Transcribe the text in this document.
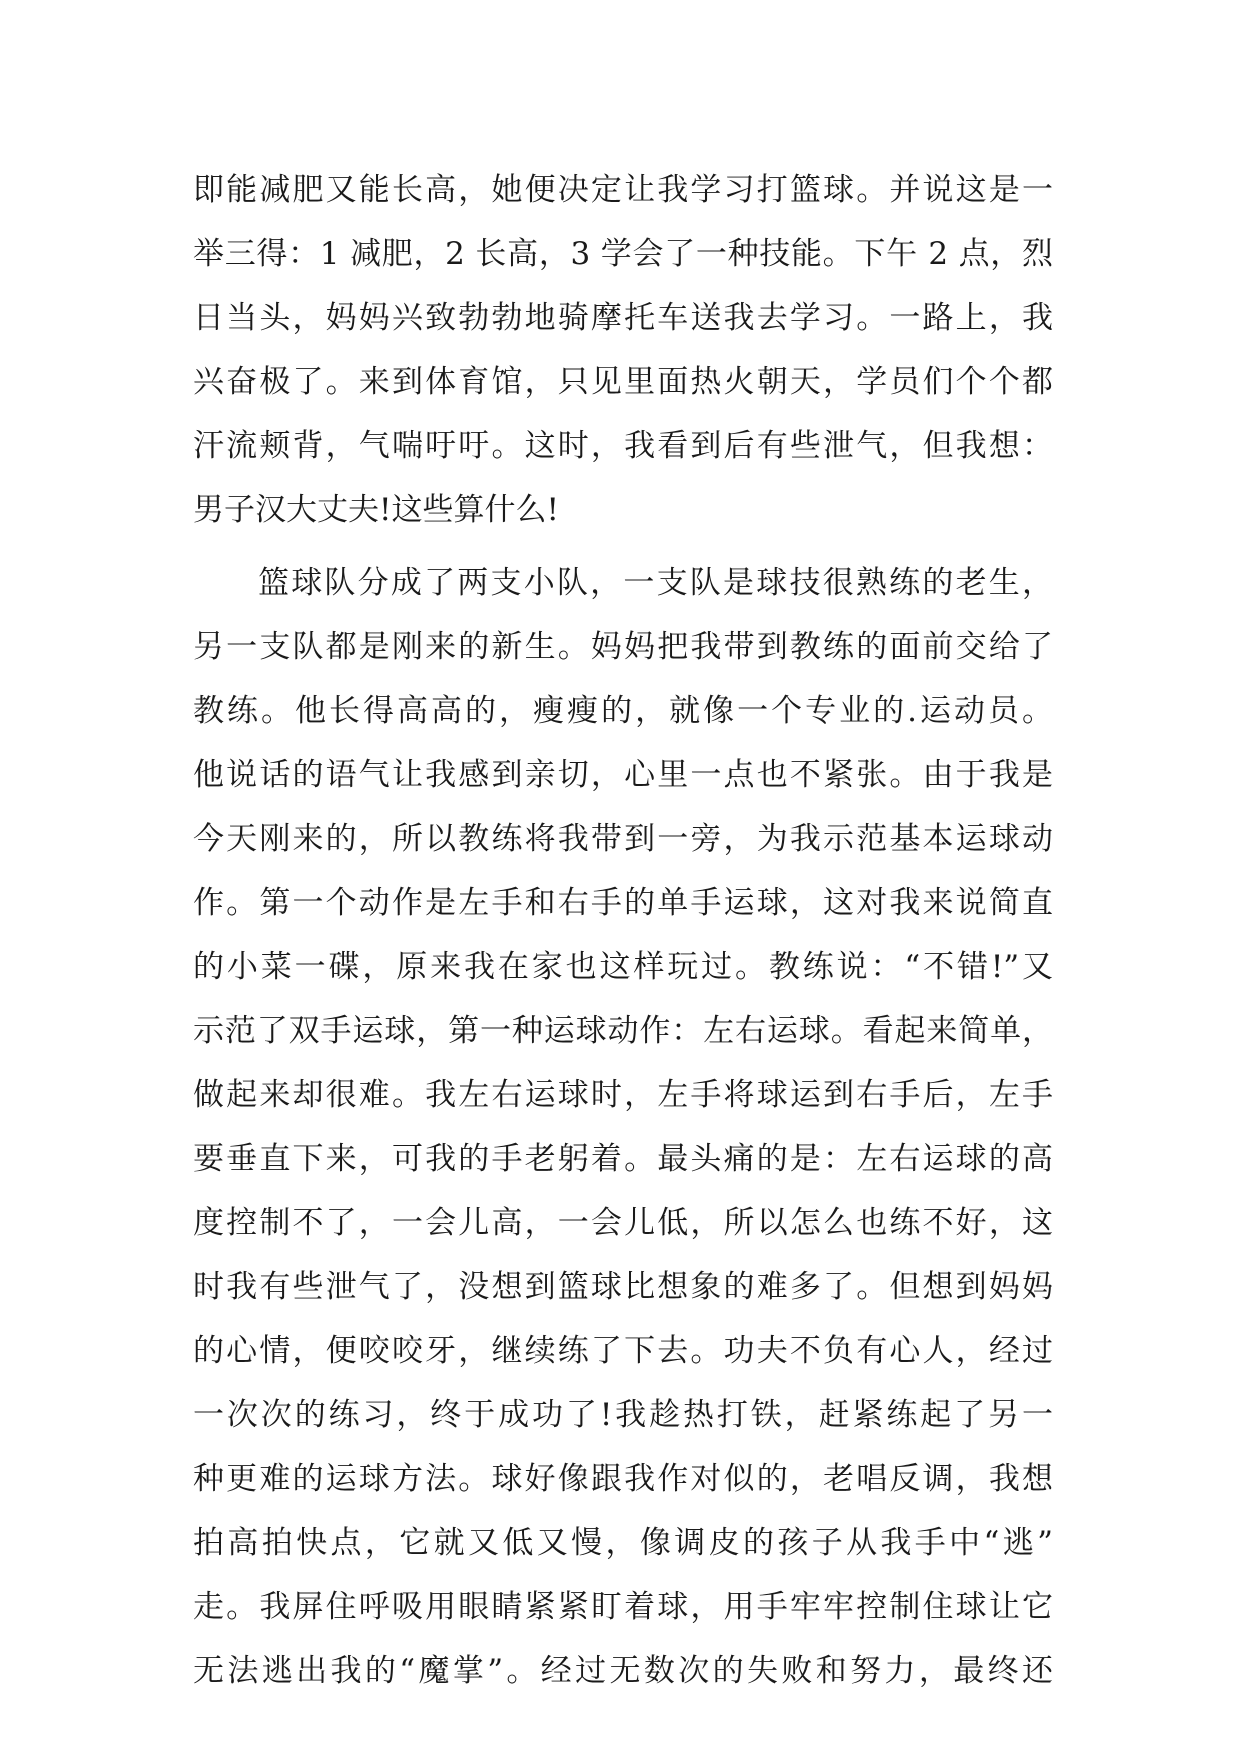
即能减肥又能长高，她便决定让我学习打篮球。并说这是一
举三得：1 减肥，2 长高，3 学会了一种技能。下午 2 点，烈
日当头，妈妈兴致勃勃地骑摩托车送我去学习。一路上，我
兴奋极了。来到体育馆，只见里面热火朝天，学员们个个都
汗流颊背，气喘吁吁。这时，我看到后有些泄气，但我想：
男子汉大丈夫!这些算什么!
篮球队分成了两支小队，一支队是球技很熟练的老生，
另一支队都是刚来的新生。妈妈把我带到教练的面前交给了
教练。他长得高高的，瘦瘦的，就像一个专业的.运动员。
他说话的语气让我感到亲切，心里一点也不紧张。由于我是
今天刚来的，所以教练将我带到一旁，为我示范基本运球动
作。第一个动作是左手和右手的单手运球，这对我来说简直
的小菜一碟，原来我在家也这样玩过。教练说：“不错!”又
示范了双手运球，第一种运球动作：左右运球。看起来简单，
做起来却很难。我左右运球时，左手将球运到右手后，左手
要垂直下来，可我的手老躬着。最头痛的是：左右运球的高
度控制不了，一会儿高，一会儿低，所以怎么也练不好，这
时我有些泄气了，没想到篮球比想象的难多了。但想到妈妈
的心情，便咬咬牙，继续练了下去。功夫不负有心人，经过
一次次的练习，终于成功了!我趁热打铁，赶紧练起了另一
种更难的运球方法。球好像跟我作对似的，老唱反调，我想
拍高拍快点，它就又低又慢，像调皮的孩子从我手中“逃”
走。我屏住呼吸用眼睛紧紧盯着球，用手牢牢控制住球让它
无法逃出我的“魔掌”。经过无数次的失败和努力，最终还
